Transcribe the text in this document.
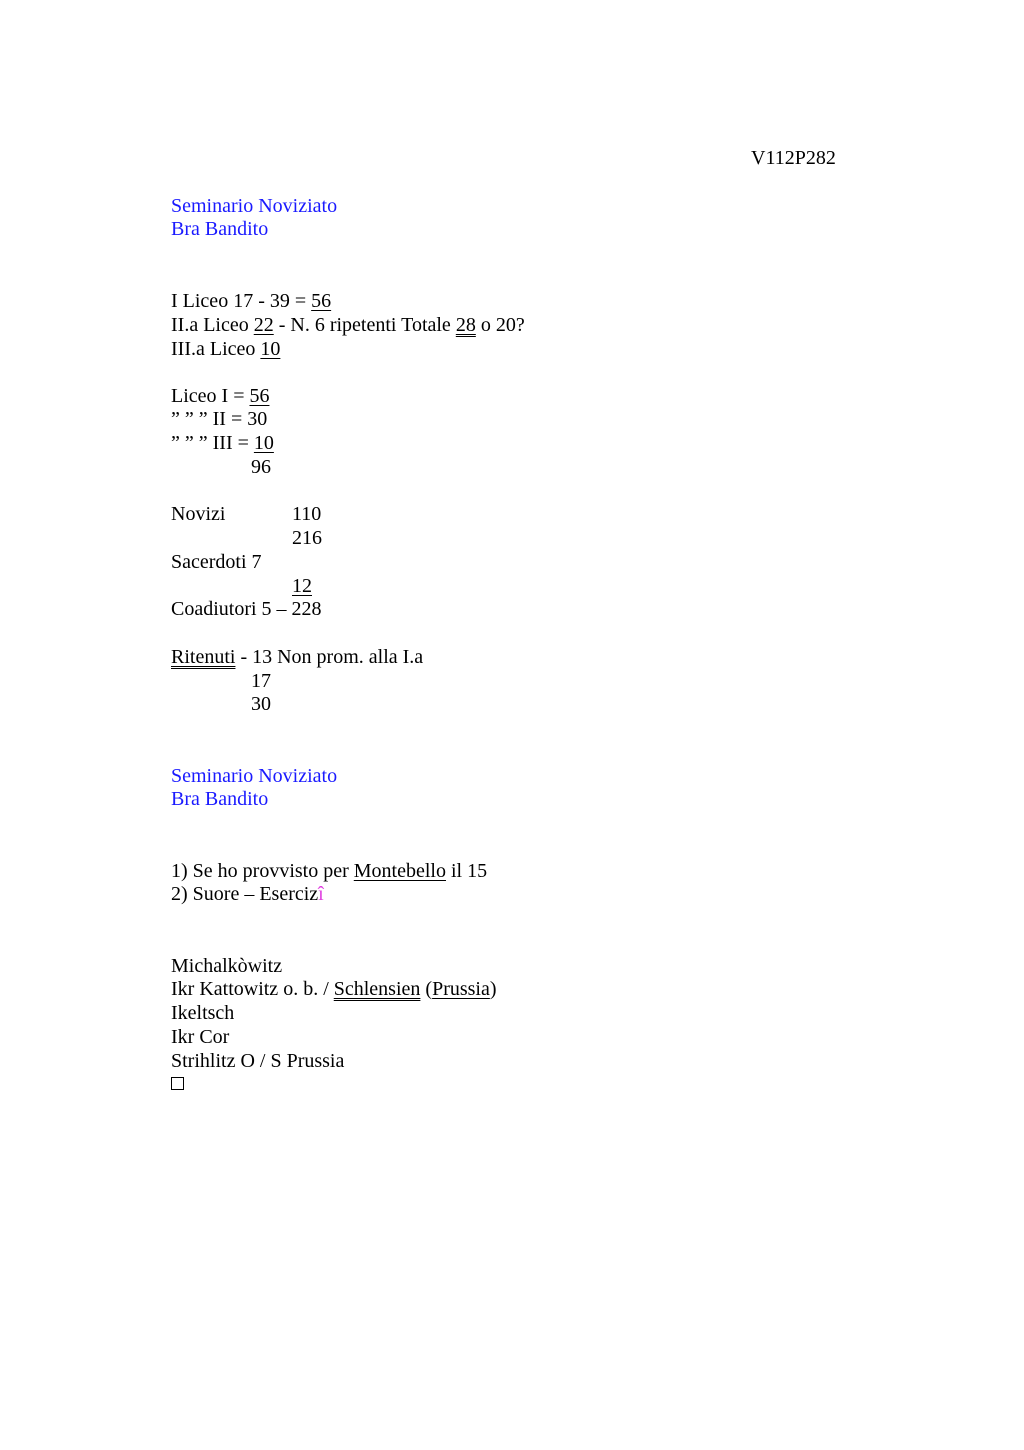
V112P282
Seminario Noviziato
Bra Bandito
I Liceo 17 - 39 = 56
II.a Liceo 22 - N. 6 ripetenti Totale 28 o 20?
III.a Liceo 10
Liceo I = 56
” ” ” II = 30
” ” ” III = 10
96
Novizi	110
216
Sacerdoti 7
12
Coadiutori 5 – 228
Ritenuti - 13 Non prom. alla I.a
17
30
Seminario Noviziato
Bra Bandito
1) Se ho provvisto per Montebello il 15
2) Suore – Esercizî
Michalkòwitz
Ikr Kattowitz o. b. / Schlensien (Prussia)
Ikeltsch
Ikr Cor
Strihlitz O / S Prussia
